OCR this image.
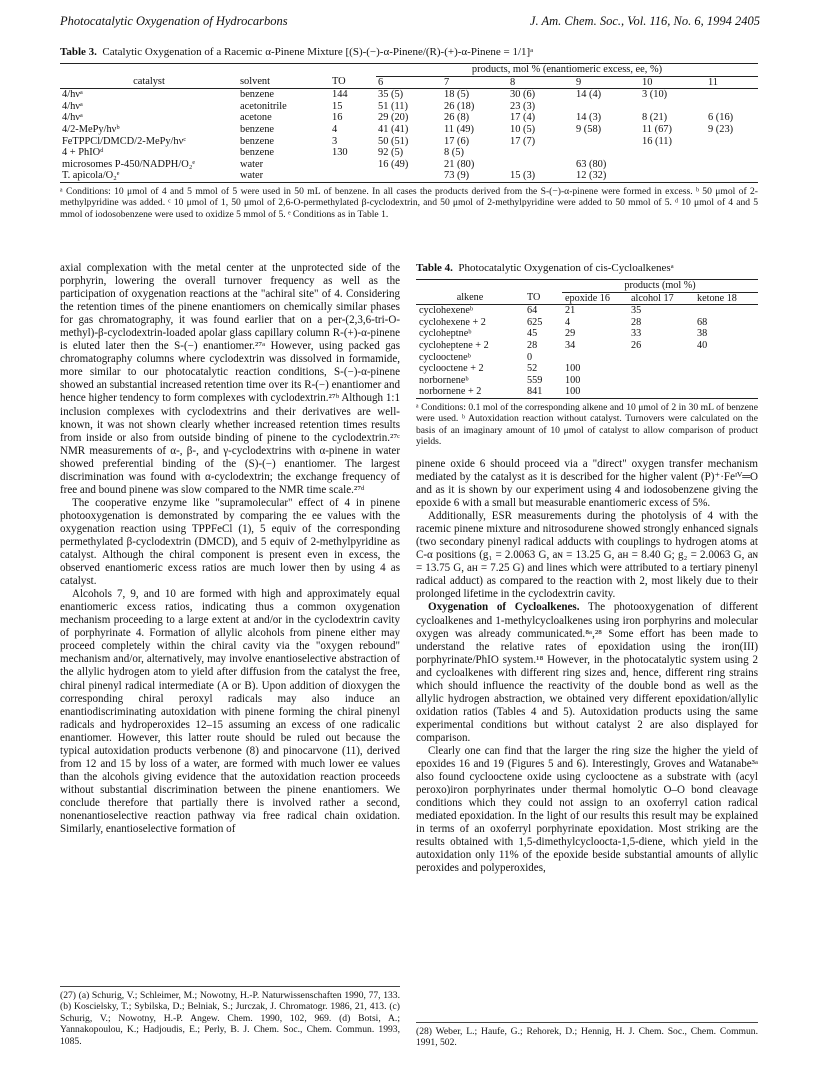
Photocatalytic Oxygenation of Hydrocarbons	J. Am. Chem. Soc., Vol. 116, No. 6, 1994 2405
Table 3. Catalytic Oxygenation of a Racemic α-Pinene Mixture [(S)-(−)-α-Pinene/(R)-(+)-α-Pinene = 1/1]ᵃ
			products, mol % (enantiomeric excess, ee, %)					
catalyst	solvent	TO	6	7	8	9	10	11
4/hνᵃ	benzene	144	35 (5)	18 (5)	30 (6)	14 (4)	3 (10)	
4/hνᵃ	acetonitrile	15	51 (11)	26 (18)	23 (3)			
4/hνᵃ	acetone	16	29 (20)	26 (8)	17 (4)	14 (3)	8 (21)	6 (16)
4/2-MePy/hνᵇ	benzene	4	41 (41)	11 (49)	10 (5)	9 (58)	11 (67)	9 (23)
FeTPPCl/DMCD/2-MePy/hνᶜ	benzene	3	50 (51)	17 (6)	17 (7)		16 (11)	
4 + PhIOᵈ	benzene	130	92 (5)	8 (5)				
microsomes P-450/NADPH/O₂ᵉ	water		16 (49)	21 (80)		63 (80)		
T. apicola/O₂ᵉ	water			73 (9)	15 (3)	12 (32)		
ᵃ Conditions: 10 μmol of 4 and 5 mmol of 5 were used in 50 mL of benzene. In all cases the products derived from the S-(−)-α-pinene were formed in excess. ᵇ 50 μmol of 2-methylpyridine was added. ᶜ 10 μmol of 1, 50 μmol of 2,6-O-permethylated β-cyclodextrin, and 50 μmol of 2-methylpyridine were added to 50 mmol of 5. ᵈ 10 μmol of 4 and 5 mmol of iodosobenzene were used to oxidize 5 mmol of 5. ᵉ Conditions as in Table 1.

axial complexation with the metal center at the unprotected side of the porphyrin, lowering the overall turnover frequency as well as the participation of oxygenation reactions at the "achiral site" of 4. Considering the retention times of the pinene enantiomers on chemically similar phases for gas chromatography, it was found earlier that on a per-(2,3,6-tri-O-methyl)-β-cyclodextrin-loaded apolar glass capillary column R-(+)-α-pinene is eluted later then the S-(−) enantiomer.²⁷ᵃ However, using packed gas chromatography columns where cyclodextrin was dissolved in formamide, more similar to our photocatalytic reaction conditions, S-(−)-α-pinene showed an substantial increased retention time over its R-(−) enantiomer and hence higher tendency to form complexes with cyclodextrin.²⁷ᵇ Although 1:1 inclusion complexes with cyclodextrins and their derivatives are well-known, it was not shown clearly whether increased retention times results from inside or also from outside binding of pinene to the cyclodextrin.²⁷ᶜ NMR measurements of α-, β-, and γ-cyclodextrins with α-pinene in water showed preferential binding of the (S)-(−) enantiomer. The largest discrimination was found with α-cyclodextrin; the exchange frequency of free and bound pinene was slow compared to the NMR time scale.²⁷ᵈ

The cooperative enzyme like "supramolecular" effect of 4 in pinene photooxygenation is demonstrated by comparing the ee values with the oxygenation reaction using TPPFeCl (1), 5 equiv of the corresponding permethylated β-cyclodextrin (DMCD), and 5 equiv of 2-methylpyridine as catalyst. Although the chiral component is present even in excess, the observed enantiomeric excess ratios are much lower then by using 4 as catalyst.

Alcohols 7, 9, and 10 are formed with high and approximately equal enantiomeric excess ratios, indicating thus a common oxygenation mechanism proceeding to a large extent at and/or in the cyclodextrin cavity of porphyrinate 4. Formation of allylic alcohols from pinene either may proceed completely within the chiral cavity via the "oxygen rebound" mechanism and/or, alternatively, may involve enantioselective abstraction of the allylic hydrogen atom to yield after diffusion from the catalyst the free, chiral pinenyl radical intermediate (A or B). Upon addition of dioxygen the corresponding chiral peroxyl radicals may also induce an enantiodiscriminating autoxidation with pinene forming the chiral pinenyl radicals and hydroperoxides 12–15 assuming an excess of one radicalic enantiomer. However, this latter route should be ruled out because the typical autoxidation products verbenone (8) and pinocarvone (11), derived from 12 and 15 by loss of a water, are formed with much lower ee values than the alcohols giving evidence that the autoxidation reaction proceeds without substantial discrimination between the pinene enantiomers. We conclude therefore that partially there is involved rather a second, nonenantioselective reaction pathway via free radical chain oxidation. Similarly, enantioselective formation of

(27) (a) Schurig, V.; Schleimer, M.; Nowotny, H.-P. Naturwissenschaften 1990, 77, 133. (b) Koscielsky, T.; Sybilska, D.; Belniak, S.; Jurczak, J. Chromatogr. 1986, 21, 413. (c) Schurig, V.; Nowotny, H.-P. Angew. Chem. 1990, 102, 969. (d) Botsi, A.; Yannakopoulou, K.; Hadjoudis, E.; Perly, B. J. Chem. Soc., Chem. Commun. 1993, 1085.
Table 4. Photocatalytic Oxygenation of cis-Cycloalkenesᵃ
		products (mol %)		
alkene	TO	epoxide 16	alcohol 17	ketone 18
cyclohexeneᵇ	64	21	35	
cyclohexene + 2	625	4	28	68
cycloheptneᵇ	45	29	33	38
cycloheptene + 2	28	34	26	40
cyclooctenеᵇ	0			
cyclooctene + 2	52	100		
norborneneᵇ	559	100		
norbornene + 2	841	100		
ᵃ Conditions: 0.1 mol of the corresponding alkene and 10 μmol of 2 in 30 mL of benzene were used. ᵇ Autoxidation reaction without catalyst. Turnovers were calculated on the basis of an imaginary amount of 10 μmol of catalyst to allow comparison of product yields.

pinene oxide 6 should proceed via a "direct" oxygen transfer mechanism mediated by the catalyst as it is described for the higher valent (P)⁺·Feᴵⱽ═O and as it is shown by our experiment using 4 and iodosobenzene giving the epoxide 6 with a small but measurable enantiomeric excess of 5%.

Additionally, ESR measurements during the photolysis of 4 with the racemic pinene mixture and nitrosodurene showed strongly enhanced signals (two secondary pinenyl radical adducts with couplings to hydrogen atoms at C-α positions (g₁ = 2.0063 G, aɴ = 13.25 G, aʜ = 8.40 G; g₂ = 2.0063 G, aɴ = 13.75 G, aʜ = 7.25 G) and lines which were attributed to a tertiary pinenyl radical adduct) as compared to the reaction with 2, most likely due to their prolonged lifetime in the cyclodextrin cavity.

Oxygenation of Cycloalkenes. The photooxygenation of different cycloalkenes and 1-methylcycloalkenes using iron porphyrins and molecular oxygen was already communicated.⁸ᵃ,²⁸ Some effort has been made to understand the relative rates of epoxidation using the iron(III) porphyrinate/PhIO system.¹⁸ However, in the photocatalytic system using 2 and cycloalkenes with different ring sizes and, hence, different ring strains which should influence the reactivity of the double bond as well as the allylic hydrogen abstraction, we obtained very different epoxidation/allylic oxidation ratios (Tables 4 and 5). Autoxidation products using the same experimental conditions but without catalyst 2 are also displayed for comparison.

Clearly one can find that the larger the ring size the higher the yield of epoxides 16 and 19 (Figures 5 and 6). Interestingly, Groves and Watanabe³ᵃ also found cyclooctene oxide using cyclooctene as a substrate with (acyl peroxo)iron porphyrinates under thermal homolytic O–O bond cleavage conditions which they could not assign to an oxoferryl cation radical mediated epoxidation. In the light of our results this result may be explained in terms of an oxoferryl porphyrinate epoxidation. Most striking are the results obtained with 1,5-dimethylcycloocta-1,5-diene, which yield in the autoxidation only 11% of the epoxide beside substantial amounts of allylic peroxides and polyperoxides,

(28) Weber, L.; Haufe, G.; Rehorek, D.; Hennig, H. J. Chem. Soc., Chem. Commun. 1991, 502.
